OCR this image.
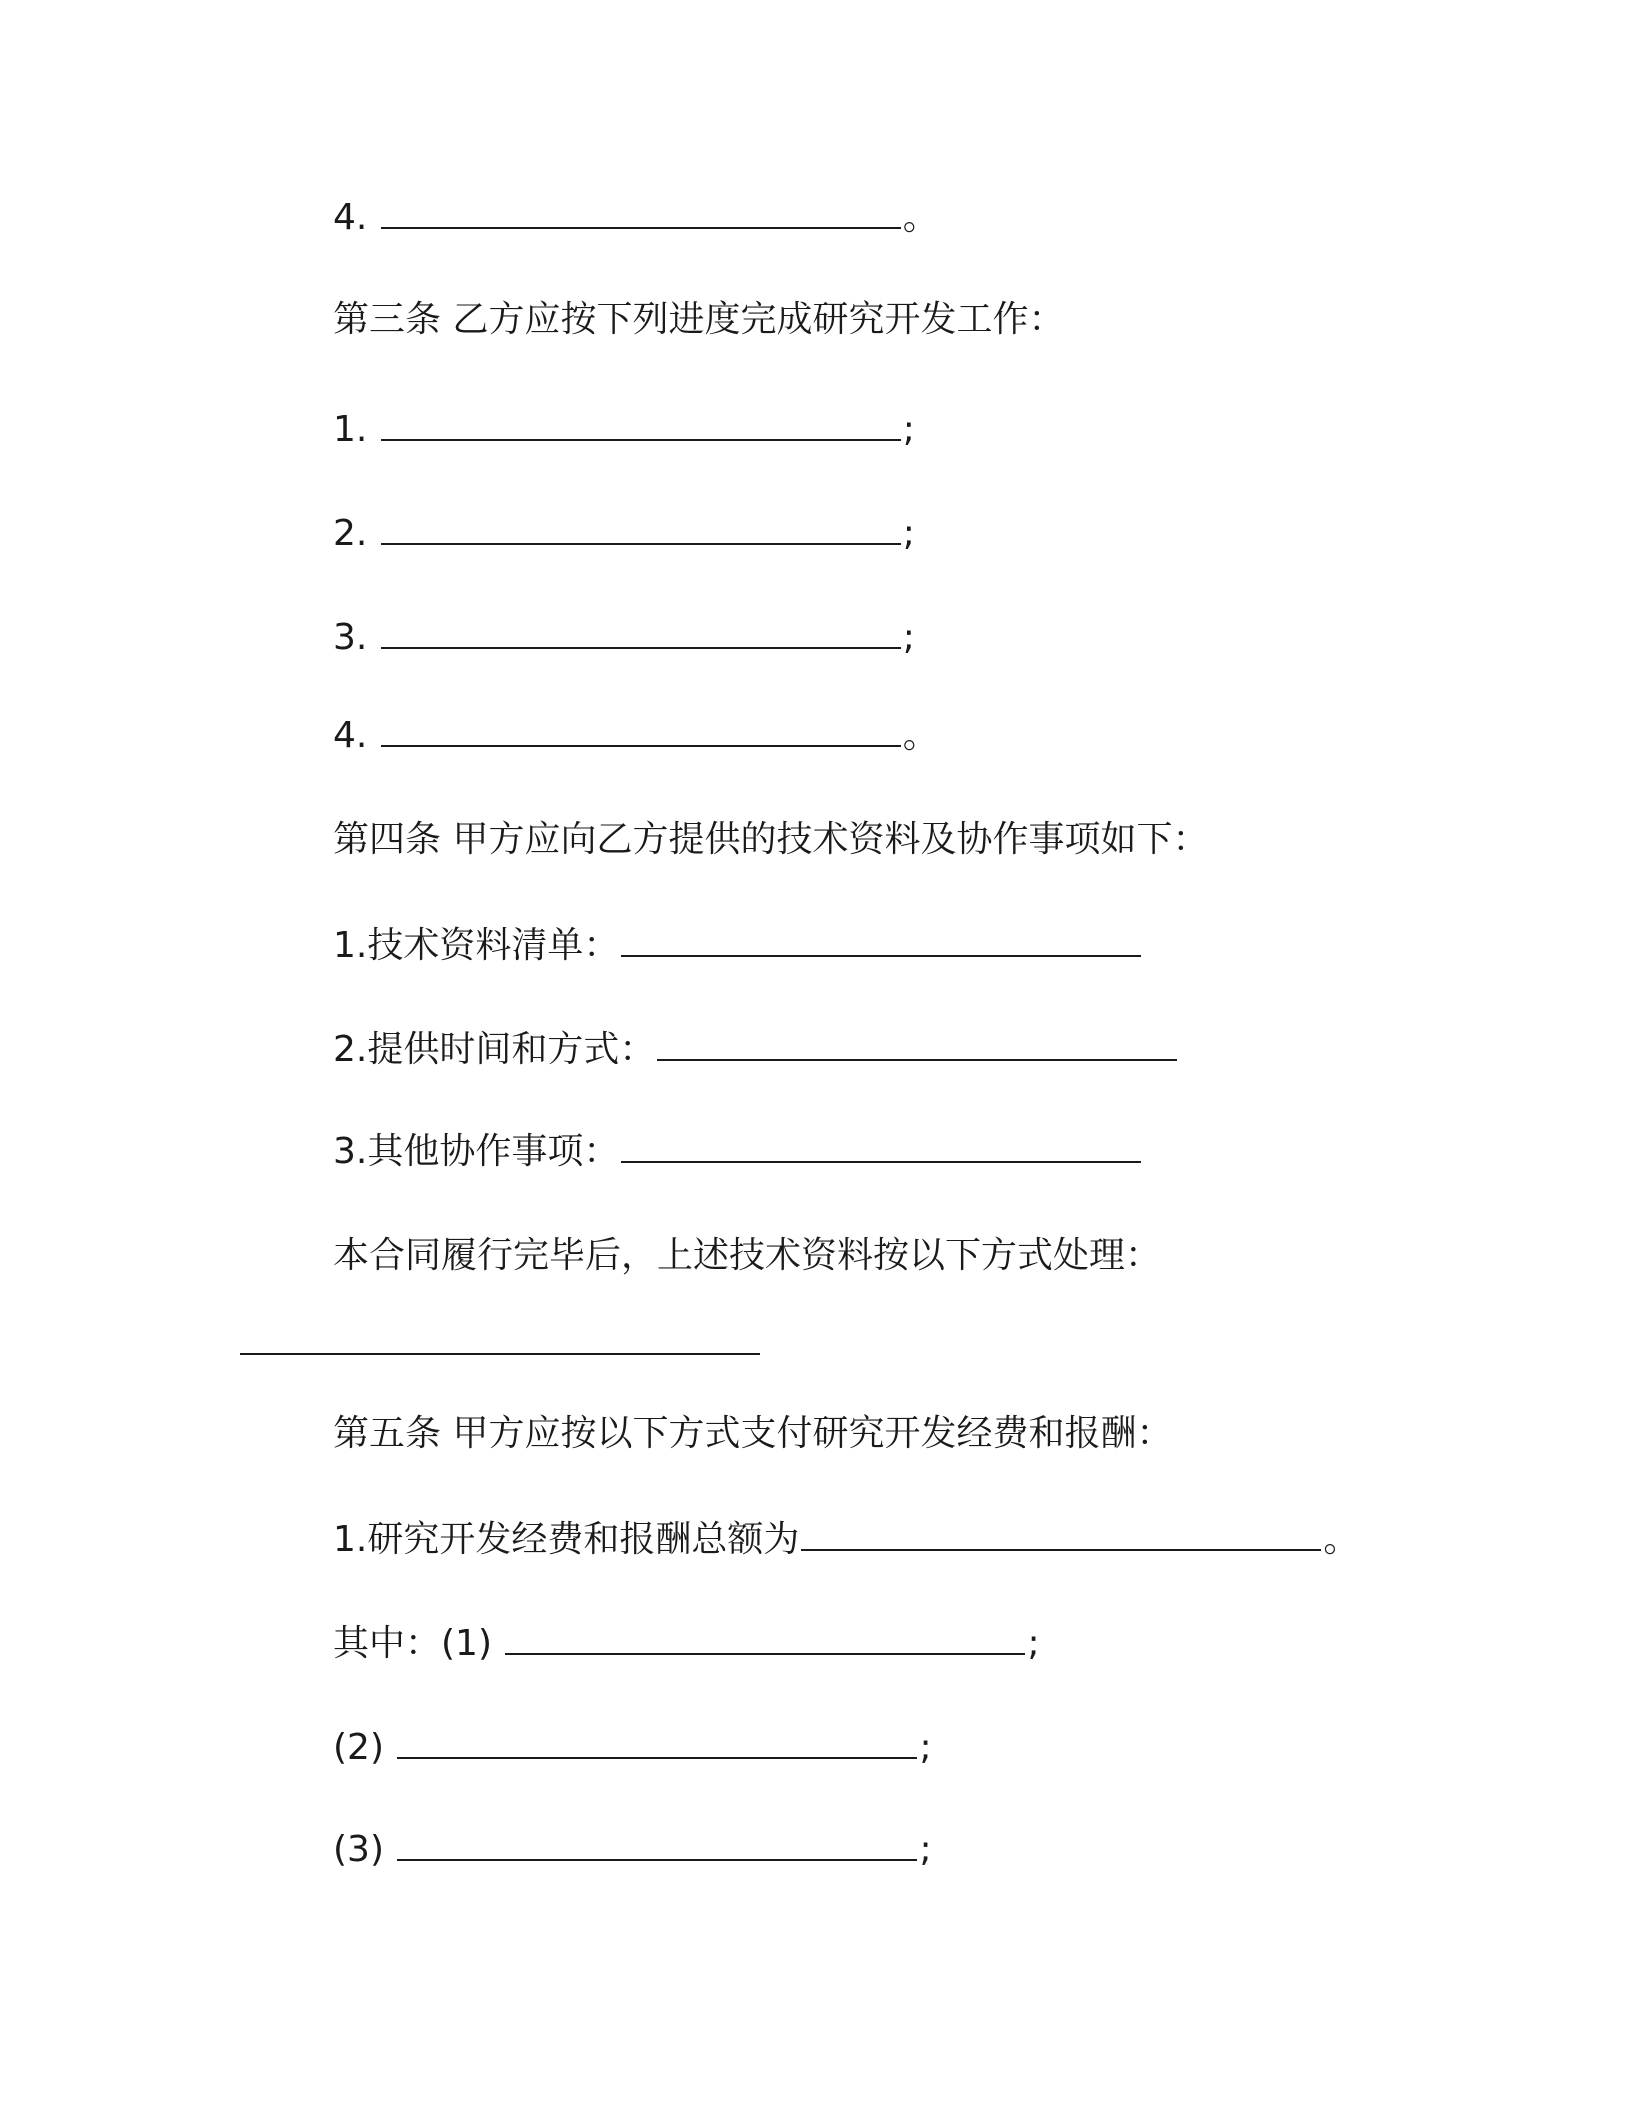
4.	。
第三条 乙方应按下列进度完成研究开发工作：
1.	;
2.	;
3.	;
4.	。
第四条 甲方应向乙方提供的技术资料及协作事项如下：
1.技术资料清单：
2.提供时间和方式：
3.其他协作事项：
本合同履行完毕后，上述技术资料按以下方式处理：
第五条 甲方应按以下方式支付研究开发经费和报酬：
1.研究开发经费和报酬总额为	。
其中：(1)	;
(2)	;
(3)	;
